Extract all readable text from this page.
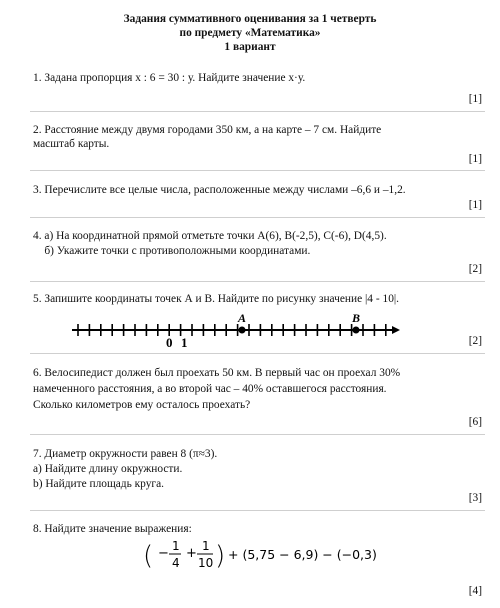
Задания суммативного оценивания за 1 четверть
по предмету «Математика»
1 вариант
1. Задана пропорция х : 6 = 30 : у. Найдите значение х·у.
[1]
2. Расстояние между двумя городами 350 км, а на карте – 7 см. Найдите
масштаб карты.
[1]
3. Перечислите все целые числа, расположенные между числами –6,6 и –1,2.
[1]
4. а) На координатной прямой отметьте точки А(6), В(-2,5), С(-6), D(4,5).
б) Укажите точки с противоположными координатами.
[2]
5. Запишите координаты точек А и В. Найдите по рисунку значение |4 - 10|.
A	B
0 1	[2]
6. Велосипедист должен был проехать 50 км. В первый час он проехал 30%
намеченного расстояния, а во второй час – 40% оставшегося расстояния.
Сколько километров ему осталось проехать?
[6]
7. Диаметр окружности равен 8 (π≈3).
а) Найдите длину окружности.
b) Найдите площадь круга.
[3]
8. Найдите значение выражения:
( − 1
4
+ 1
10 ) + (5,75 − 6,9) − (−0,3)
[4]
